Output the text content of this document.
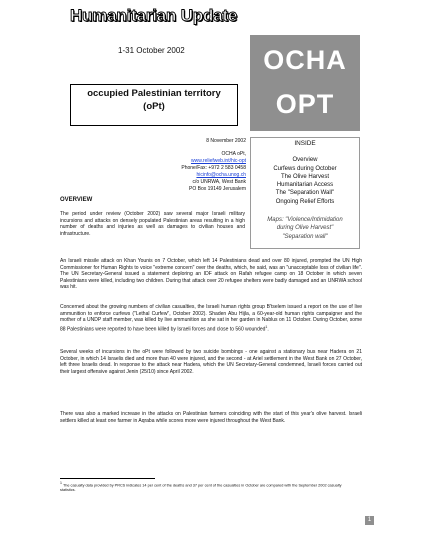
Humanitarian Update
1-31 October 2002	OCHA
OPT
occupied Palestinian territory
(oPt)
8 November 2002
OCHA oPt,
www.reliefweb.int/hic-opt
Phone/Fax: +972 2 583 0458
hicinfo@ocha.unog.ch
c/o UNRWA, West Bank
PO Box 19149 Jerusalem
INSIDE
Overview
Curfews during October
The Olive Harvest
Humanitarian Access
The "Separation Wall"
Ongoing Relief Efforts
Maps: "Violence/Intimidation
during Olive Harvest"
"Separation wall"
OVERVIEW
The period under review (October 2002) saw several major Israeli military incursions and attacks on densely populated Palestinian areas resulting in a high number of deaths and injuries as well as damages to civilian houses and infrastructure.
An Israeli missile attack on Khan Younis on 7 October, which left 14 Palestinians dead and over 80 injured, prompted the UN High Commissioner for Human Rights to voice "extreme concern" over the deaths, which, he said, was an "unacceptable loss of civilian life". The UN Secretary-General issued a statement deploring an IDF attack on Rafah refugee camp on 18 October in which seven Palestinians were killed, including two children. During that attack over 20 refugee shelters were badly damaged and an UNRWA school was hit.
Concerned about the growing numbers of civilian casualties, the Israeli human rights group B'tselem issued a report on the use of live ammunition to enforce curfews ("Lethal Curfew", October 2002). Shaden Abu Hijla, a 60-year-old human rights campaigner and the mother of a UNDP staff member, was killed by live ammunition as she sat in her garden in Nablus on 11 October. During October, some 88 Palestinians were reported to have been killed by Israeli forces and close to 560 wounded$^1$.
Several weeks of incursions in the oPt were followed by two suicide bombings - one against a stationary bus near Hadera on 21 October, in which 14 Israelis died and more than 40 were injured, and the second - at Ariel settlement in the West Bank on 27 October, left three Israelis dead. In response to the attack near Hadera, which the UN Secretary-General condemned, Israeli forces carried out their largest offensive against Jenin (25/10) since April 2002.
There was also a marked increase in the attacks on Palestinian farmers coinciding with the start of this year's olive harvest. Israeli settlers killed at least one farmer in Aqraba while scores more were injured throughout the West Bank.
$^1$ The casualty data provided by PRCS indicates 14 per cent of the deaths and 37 per cent of the casualties in October are compared with the September 2002 casualty statistics.
1
